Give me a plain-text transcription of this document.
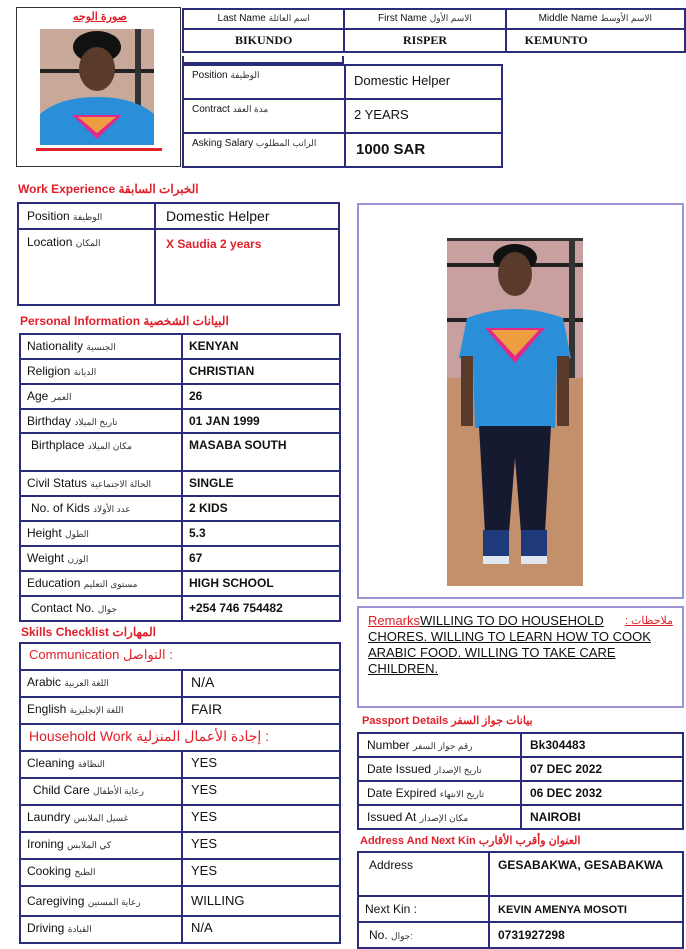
صورة الوجه	Last Name اسم العائلة	First Name الاسم الأول	Middle Name الاسم الأوسط
BIKUNDO	RISPER	KEMUNTO
Position الوظيفة	Domestic Helper
Contract مدة العقد	2 YEARS
Asking Salary الراتب المطلوب	1000 SAR
Work Experience الخبرات السابقة
Position الوظيفة	Domestic Helper
Location المكان	X Saudia 2 years
Personal Information البيانات الشخصية
Nationality الجنسية	KENYAN
Religion الديانة	CHRISTIAN
Age العمر	26
Birthday تاريخ الميلاد	01 JAN 1999
Birthplace مكان الميلاد	MASABA SOUTH
Civil Status الحالة الاجتماعية	SINGLE
No. of Kids عدد الأولاد	2 KIDS
Height الطول	5.3
Weight الوزن	67
Education مستوى التعليم	HIGH SCHOOL
Contact No. جوال	+254 746 754482
Skills Checklist المهارات
Communication التواصل :	
Arabic اللغة العربية	N/A
English اللغة الإنجليزية	FAIR
Household Work إجادة الأعمال المنزلية :	
Cleaning النظافة	YES
Child Care رعاية الأطفال	YES
Laundry غسيل الملابس	YES
Ironing كي الملابس	YES
Cooking الطبخ	YES
Caregiving رعاية المسنين	WILLING
Driving القيادة	N/A
RemarksWILLING TO DO HOUSEHOLD : ملاحظات

CHORES. WILLING TO LEARN HOW TO COOK
ARABIC FOOD. WILLING TO TAKE CARE
CHILDREN.
Passport Details بيانات جواز السفر
Number رقم جواز السفر	Bk304483
Date Issued تاريخ الإصدار	07 DEC 2022
Date Expired تاريخ الانتهاء	06 DEC 2032
Issued At مكان الإصدار	NAIROBI
Address And Next Kin العنوان وأقرب الأقارب
Address	GESABAKWA, GESABAKWA
Next Kin :	KEVIN AMENYA MOSOTI
No. جوال:	0731927298
